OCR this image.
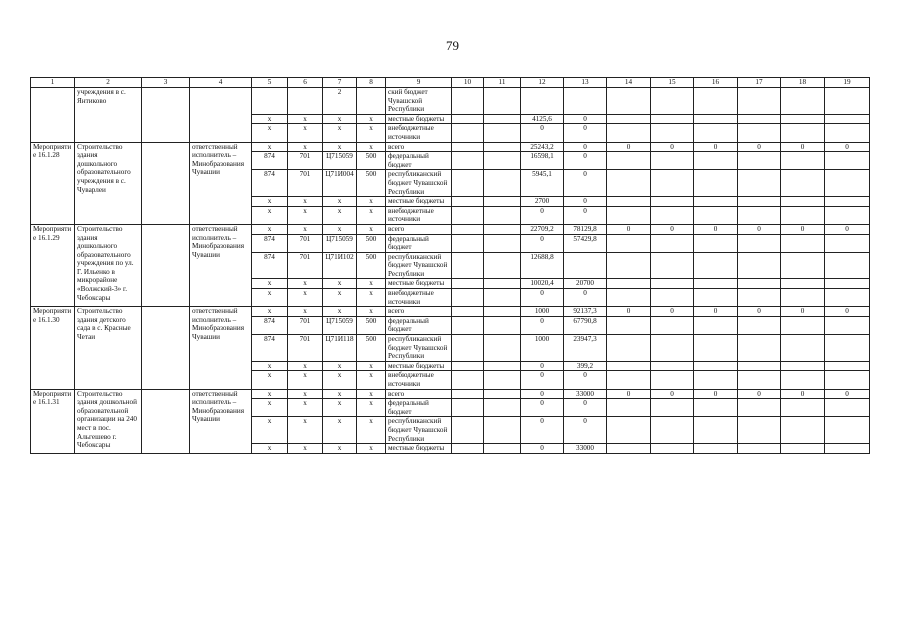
79
1	2	3	4	5	6	7	8	9	10	11	12	13	14	15	16	17	18	19
	учреждения в с. Янтиково					2		ский бюджет Чувашской Республики										
				x	x	x	x	местные бюджеты			4125,6	0						
				x	x	x	x	внебюджетные источники			0	0						
Мероприятие 16.1.28	Строительство здания дошкольного образовательного учреждения в с. Чуварлеи		ответственный исполнитель – Минобразования Чувашии	x	x	x	x	всего			25243,2	0	0	0	0	0	0	0
				874	701	Ц715059	500	федеральный бюджет			16598,1	0						
				874	701	Ц71И004	500	республиканский бюджет Чувашской Республики			5945,1	0						
				x	x	x	x	местные бюджеты			2700	0						
				x	x	x	x	внебюджетные источники			0	0						
Мероприятие 16.1.29	Строительство здания дошкольного образовательного учреждения по ул. Г. Ильенко в микрорайоне «Волжский-3» г. Чебоксары		ответственный исполнитель – Минобразования Чувашии	x	x	x	x	всего			22709,2	78129,8	0	0	0	0	0	0
				874	701	Ц715059	500	федеральный бюджет			0	57429,8						
				874	701	Ц71И102	500	республиканский бюджет Чувашской Республики			12688,8							
				x	x	x	x	местные бюджеты			10020,4	20700						
				x	x	x	x	внебюджетные источники			0	0						
Мероприятие 16.1.30	Строительство здания детского сада в с. Красные Четаи		ответственный исполнитель – Минобразования Чувашии	x	x	x	x	всего			1000	92137,3	0	0	0	0	0	0
				874	701	Ц715059	500	федеральный бюджет			0	67790,8						
				874	701	Ц71И118	500	республиканский бюджет Чувашской Республики			1000	23947,3						
				x	x	x	x	местные бюджеты			0	399,2						
				x	x	x	x	внебюджетные источники			0	0						
Мероприятие 16.1.31	Строительство здания дошкольной образовательной организации на 240 мест в пос. Альгешево г. Чебоксары		ответственный исполнитель – Минобразования Чувашии	x	x	x	x	всего			0	33000	0	0	0	0	0	0
				x	x	x	x	федеральный бюджет			0	0						
				x	x	x	x	республиканский бюджет Чувашской Республики			0	0						
				x	x	x	x	местные бюджеты			0	33000						
